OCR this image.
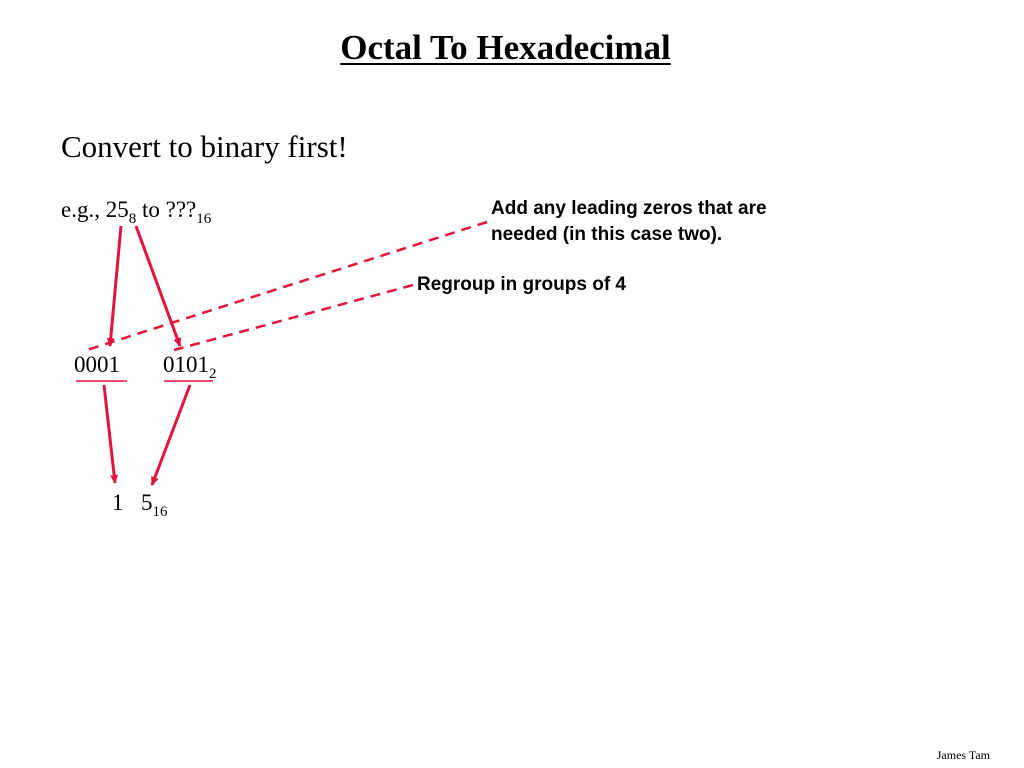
Octal To Hexadecimal
Convert to binary first!
e.g., $25_8$ to $???_{16}$	Add any leading zeros that are needed (in this case two).
Regroup in groups of 4
0001 $0101_2$
1 $5_{16}$
James Tam
